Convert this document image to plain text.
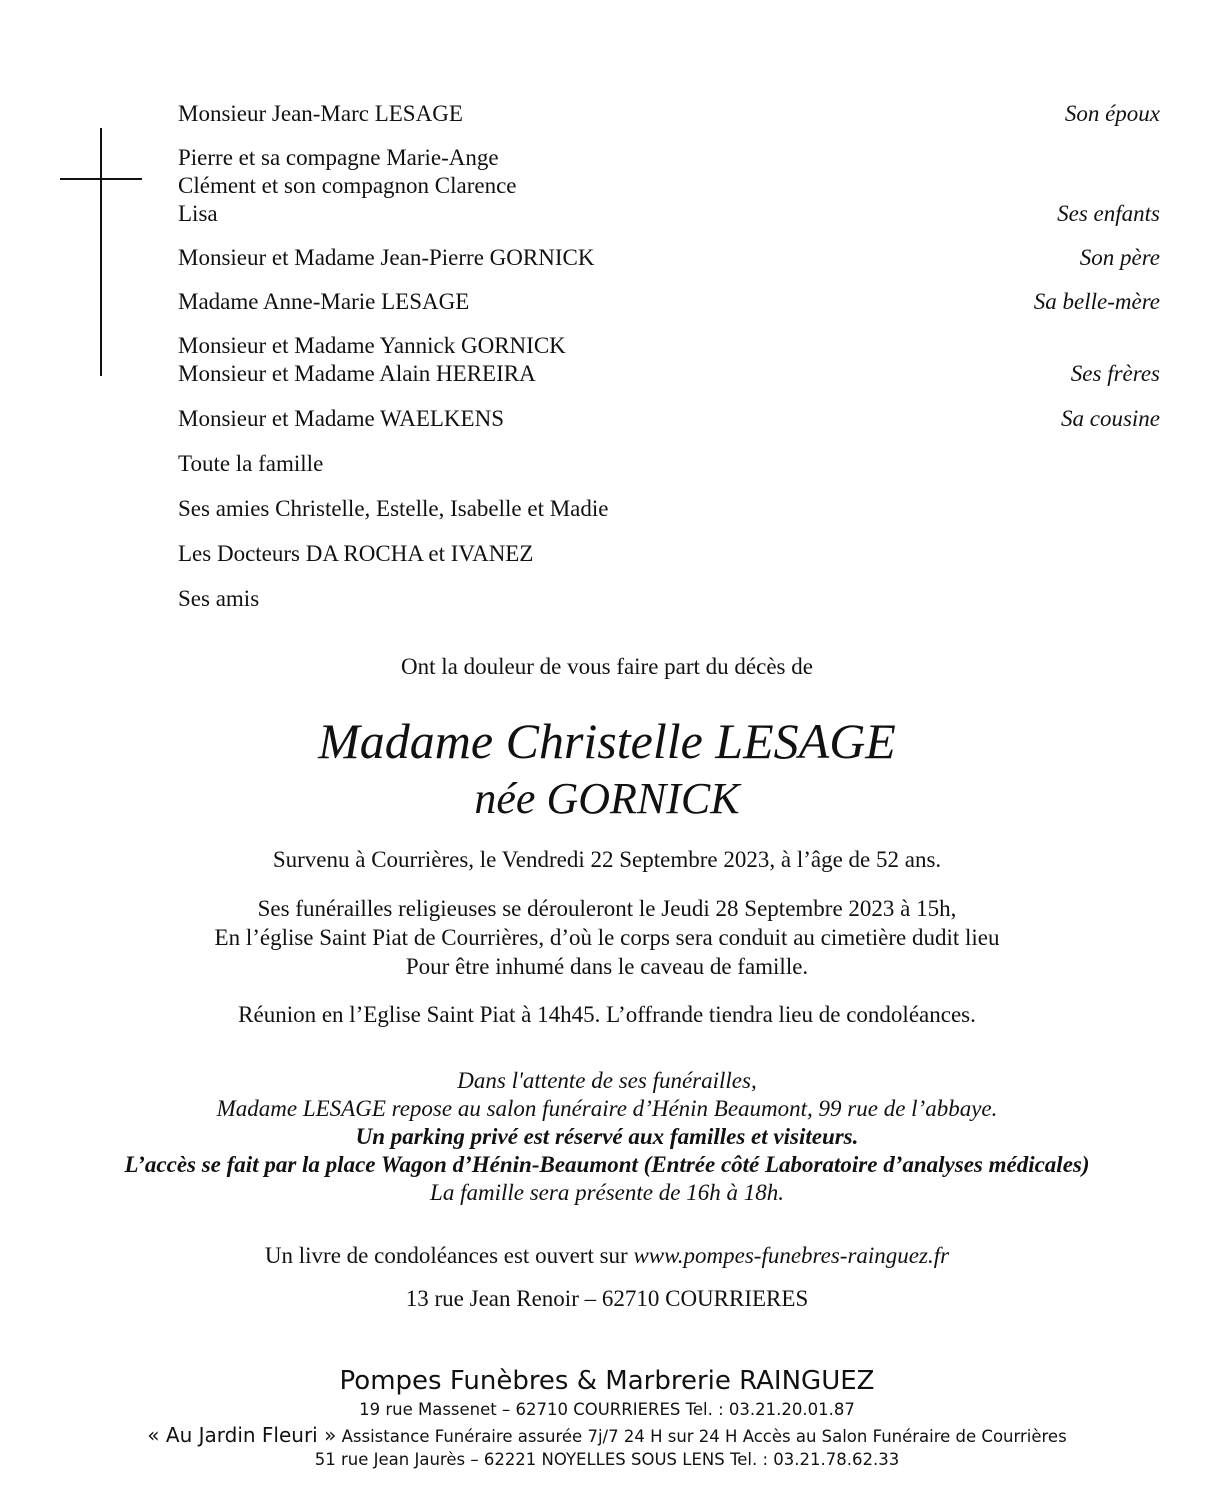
Monsieur Jean-Marc LESAGE	Son époux
Pierre et sa compagne Marie-Ange
Clément et son compagnon Clarence
Lisa	Ses enfants
Monsieur et Madame Jean-Pierre GORNICK	Son père
Madame Anne-Marie LESAGE	Sa belle-mère
Monsieur et Madame Yannick GORNICK
Monsieur et Madame Alain HEREIRA	Ses frères
Monsieur et Madame WAELKENS	Sa cousine
Toute la famille
Ses amies Christelle, Estelle, Isabelle et Madie
Les Docteurs DA ROCHA et IVANEZ
Ses amis
Ont la douleur de vous faire part du décès de
Madame Christelle LESAGE
née GORNICK
Survenu à Courrières, le Vendredi 22 Septembre 2023, à l’âge de 52 ans.
Ses funérailles religieuses se dérouleront le Jeudi 28 Septembre 2023 à 15h,
En l’église Saint Piat de Courrières, d’où le corps sera conduit au cimetière dudit lieu
Pour être inhumé dans le caveau de famille.
Réunion en l’Eglise Saint Piat à 14h45. L’offrande tiendra lieu de condoléances.
Dans l'attente de ses funérailles,
Madame LESAGE repose au salon funéraire d’Hénin Beaumont, 99 rue de l’abbaye.
Un parking privé est réservé aux familles et visiteurs.
L’accès se fait par la place Wagon d’Hénin-Beaumont (Entrée côté Laboratoire d’analyses médicales)
La famille sera présente de 16h à 18h.
Un livre de condoléances est ouvert sur www.pompes-funebres-rainguez.fr
13 rue Jean Renoir – 62710 COURRIERES
Pompes Funèbres & Marbrerie RAINGUEZ
19 rue Massenet – 62710 COURRIERES Tel. : 03.21.20.01.87
« Au Jardin Fleuri » Assistance Funéraire assurée 7j/7 24 H sur 24 H Accès au Salon Funéraire de Courrières
51 rue Jean Jaurès – 62221 NOYELLES SOUS LENS Tel. : 03.21.78.62.33
